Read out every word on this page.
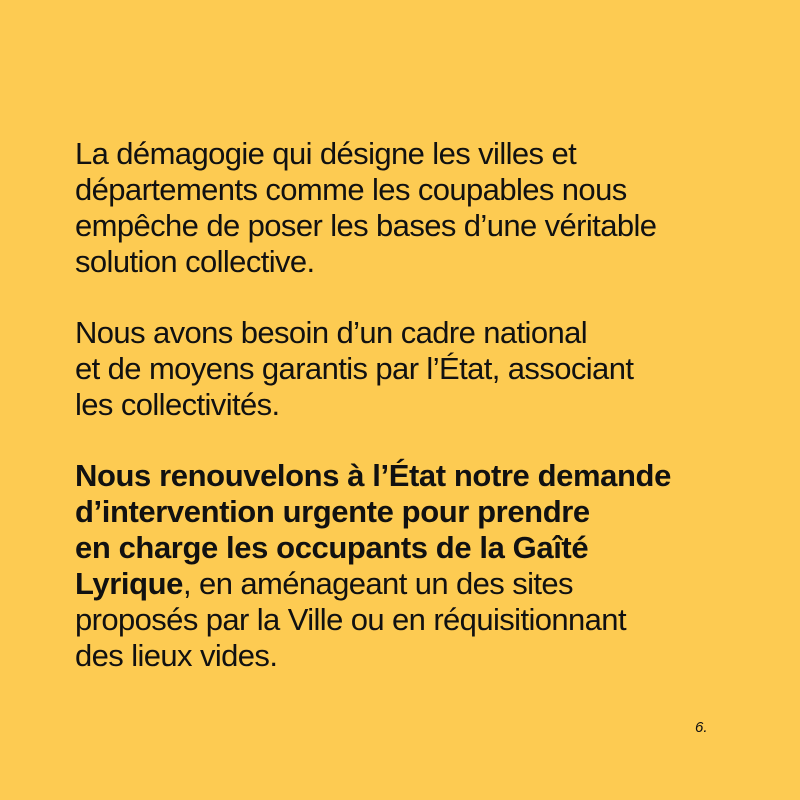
La démagogie qui désigne les villes et
départements comme les coupables nous
empêche de poser les bases d’une véritable
solution collective.

Nous avons besoin d’un cadre national
et de moyens garantis par l’État, associant
les collectivités.

Nous renouvelons à l’État notre demande
d’intervention urgente pour prendre
en charge les occupants de la Gaîté
Lyrique, en aménageant un des sites
proposés par la Ville ou en réquisitionnant
des lieux vides.

6.
